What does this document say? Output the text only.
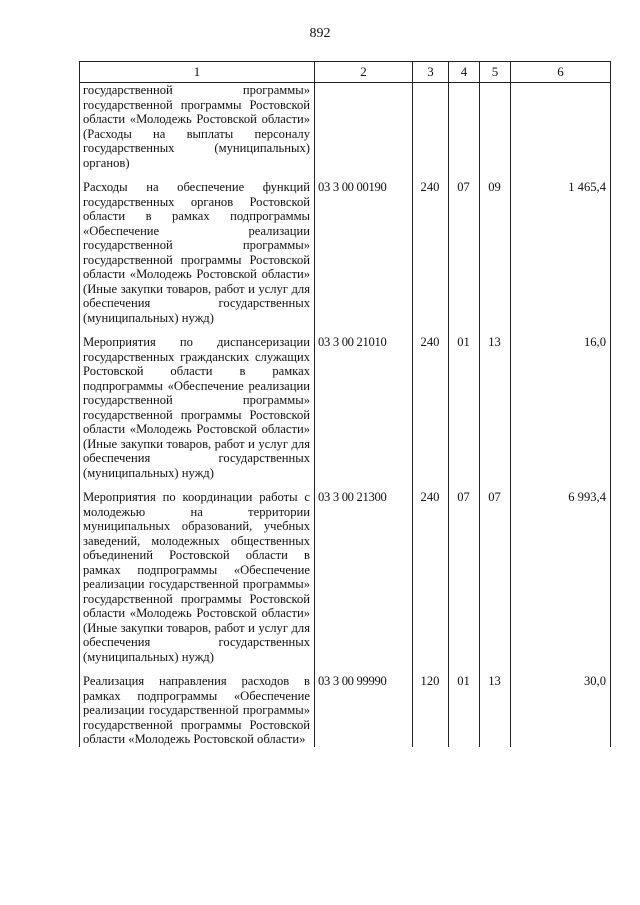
892
1	2	3	4	5	6
государственной программы» государственной программы Ростовской области «Молодежь Ростовской области» (Расходы на выплаты персоналу государственных (муниципальных) органов)					
Расходы на обеспечение функций государственных органов Ростовской области в рамках подпрограммы «Обеспечение реализации государственной программы» государственной программы Ростовской области «Молодежь Ростовской области» (Иные закупки товаров, работ и услуг для обеспечения государственных (муниципальных) нужд)	03 3 00 00190	240	07	09	1 465,4
Мероприятия по диспансеризации государственных гражданских служащих Ростовской области в рамках подпрограммы «Обеспечение реализации государственной программы» государственной программы Ростовской области «Молодежь Ростовской области» (Иные закупки товаров, работ и услуг для обеспечения государственных (муниципальных) нужд)	03 3 00 21010	240	01	13	16,0
Мероприятия по координации работы с молодежью на территории муниципальных образований, учебных заведений, молодежных общественных объединений Ростовской области в рамках подпрограммы «Обеспечение реализации государственной программы» государственной программы Ростовской области «Молодежь Ростовской области» (Иные закупки товаров, работ и услуг для обеспечения государственных (муниципальных) нужд)	03 3 00 21300	240	07	07	6 993,4
Реализация направления расходов в рамках подпрограммы «Обеспечение реализации государственной программы» государственной программы Ростовской области «Молодежь Ростовской области»	03 3 00 99990	120	01	13	30,0
